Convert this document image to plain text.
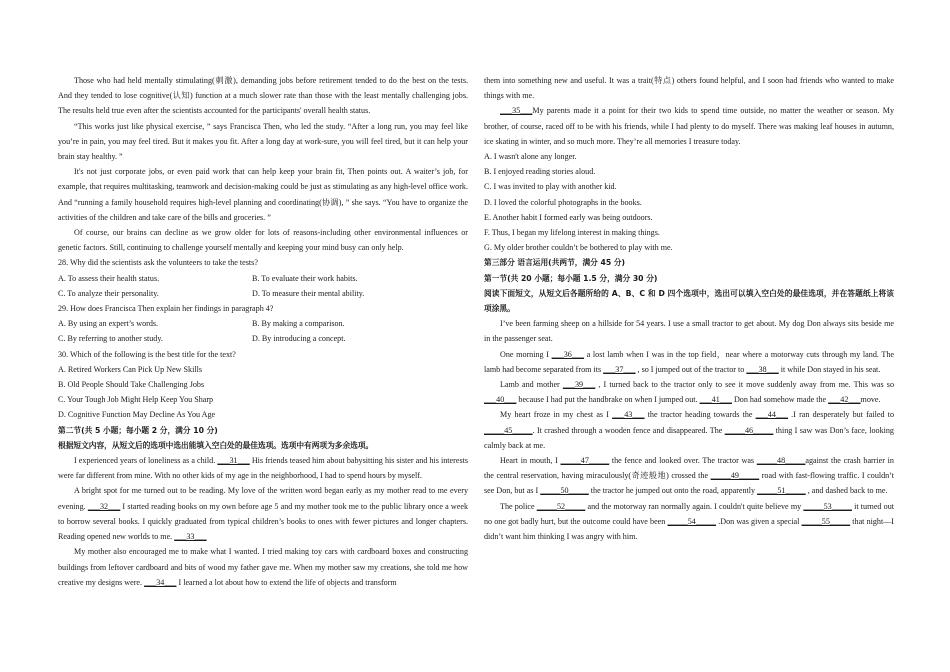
Those who had held mentally stimulating(刺激), demanding jobs before retirement tended to do the best on the tests. And they tended to lose cognitive(认知) function at a much slower rate than those with the least mentally challenging jobs. The results held true even after the scientists accounted for the participants' overall health status.

“This works just like physical exercise, ” says Francisca Then, who led the study. “After a long run, you may feel like you’re in pain, you may feel tired. But it makes you fit. After a long day at work-sure, you will feel tired, but it can help your brain stay healthy. ”

It's not just corporate jobs, or even paid work that can help keep your brain fit, Then points out. A waiter’s job, for example, that requires multitasking, teamwork and decision-making could be just as stimulating as any high-level office work. And “running a family household requires high-level planning and coordinating(协调), ” she says. “You have to organize the activities of the children and take care of the bills and groceries. ”

Of course, our brains can decline as we grow older for lots of reasons-including other environmental influences or genetic factors. Still, continuing to challenge yourself mentally and keeping your mind busy can only help.

28. Why did the scientists ask the volunteers to take the tests?

A. To assess their health status.	B. To evaluate their work habits.
C. To analyze their personality.	D. To measure their mental ability.

29. How does Francisca Then explain her findings in paragraph 4?

A. By using an expert’s words.	B. By making a comparison.
C. By referring to another study.	D. By introducing a concept.

30. Which of the following is the best title for the text?

A. Retired Workers Can Pick Up New Skills

B. Old People Should Take Challenging Jobs

C. Your Tough Job Might Help Keep You Sharp

D. Cognitive Function May Decline As You Age

第二节(共 5 小题；每小题 2 分，满分 10 分)

根据短文内容，从短文后的选项中选出能填入空白处的最佳选项。选项中有两项为多余选项。

I experienced years of loneliness as a child. ___31___ His friends teased him about babysitting his sister and his interests were far different from mine. With no other kids of my age in the neighborhood, I had to spend hours by myself.

A bright spot for me turned out to be reading. My love of the written word began early as my mother read to me every evening. ___32___ I started reading books on my own before age 5 and my mother took me to the public library once a week to borrow several books. I quickly graduated from typical children’s books to ones with fewer pictures and longer chapters. Reading opened new worlds to me. ___33___

My mother also encouraged me to make what I wanted. I tried making toy cars with cardboard boxes and constructing buildings from leftover cardboard and bits of wood my father gave me. When my mother saw my creations, she told me how creative my designs were. ___34___ I learned a lot about how to extend the life of objects and transform

them into something new and useful. It was a trait(特点) others found helpful, and I soon had friends who wanted to make things with me.

___35___My parents made it a point for their two kids to spend time outside, no matter the weather or season. My brother, of course, raced off to be with his friends, while I had plenty to do myself. There was making leaf houses in autumn, ice skating in winter, and so much more. They’re all memories I treasure today.

A. I wasn't alone any longer.

B. I enjoyed reading stories aloud.

C. I was invited to play with another kid.

D. I loved the colorful photographs in the books.

E. Another habit I formed early was being outdoors.

F. Thus, I began my lifelong interest in making things.

G. My older brother couldn’t be bothered to play with me.

第三部分 语言运用(共两节，满分 45 分)

第一节(共 20 小题；每小题 1.5 分，满分 30 分)

阅读下面短文，从短文后各题所给的 A、B、C 和 D 四个选项中，选出可以填入空白处的最佳选项，并在答题纸上将该项涂黑。

I’ve been farming sheep on a hillside for 54 years. I use a small tractor to get about. My dog Don always sits beside me in the passenger seat.

One morning I ___36___ a lost lamb when I was in the top field，near where a motorway cuts through my land. The lamb had become separated from its ___37___ , so I jumped out of the tractor to ___38___ it while Don stayed in his seat.

Lamb and mother ___39___ , I turned back to the tractor only to see it move suddenly away from me. This was so ___40___ because I had put the handbrake on when I jumped out. ___41___ Don had somehow made the ___42___move.

My heart froze in my chest as I ___43___ the tractor heading towards the ___44___ .I ran desperately but failed to _____45_____. It crashed through a wooden fence and disappeared. The _____46_____ thing I saw was Don’s face, looking calmly back at me.

Heart in mouth, I _____47_____ the fence and looked over. The tractor was _____48_____against the crash barrier in the central reservation, having miraculously(奇迹般地) crossed the _____49_____ road with fast-flowing traffic. I couldn’t see Don, but as I _____50_____ the tractor he jumped out onto the road, apparently _____51_____ , and dashed back to me.

The police _____52_____ and the motorway ran normally again. I couldn't quite believe my _____53_____ it turned out no one got badly hurt, but the outcome could have been _____54_____ .Don was given a special _____55_____ that night—I didn’t want him thinking I was angry with him.
